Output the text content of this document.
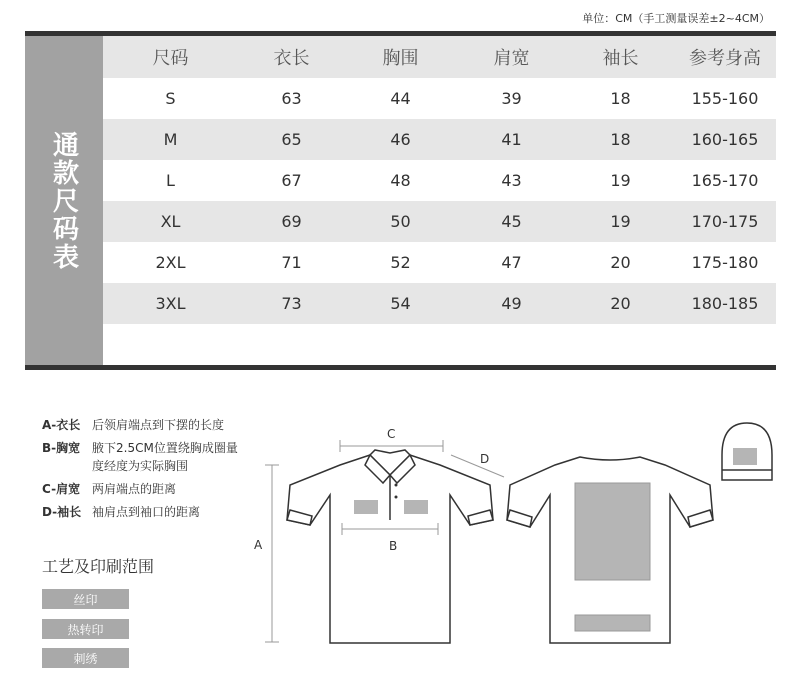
单位：CM（手工测量误差±2~4CM）
通款尺码表
尺码	衣长	胸围	肩宽	袖长	参考身高
S	63	44	39	18	155-160
M	65	46	41	18	160-165
L	67	48	43	19	165-170
XL	69	50	45	19	170-175
2XL	71	52	47	20	175-180
3XL	73	54	49	20	180-185
A-衣长 后领肩端点到下摆的长度
B-胸宽 腋下2.5CM位置绕胸成圈量度经度为实际胸围
C-肩宽 两肩端点的距离
D-袖长 袖肩点到袖口的距离
工艺及印刷范围
丝印
热转印
刺绣
A
C
D
B
